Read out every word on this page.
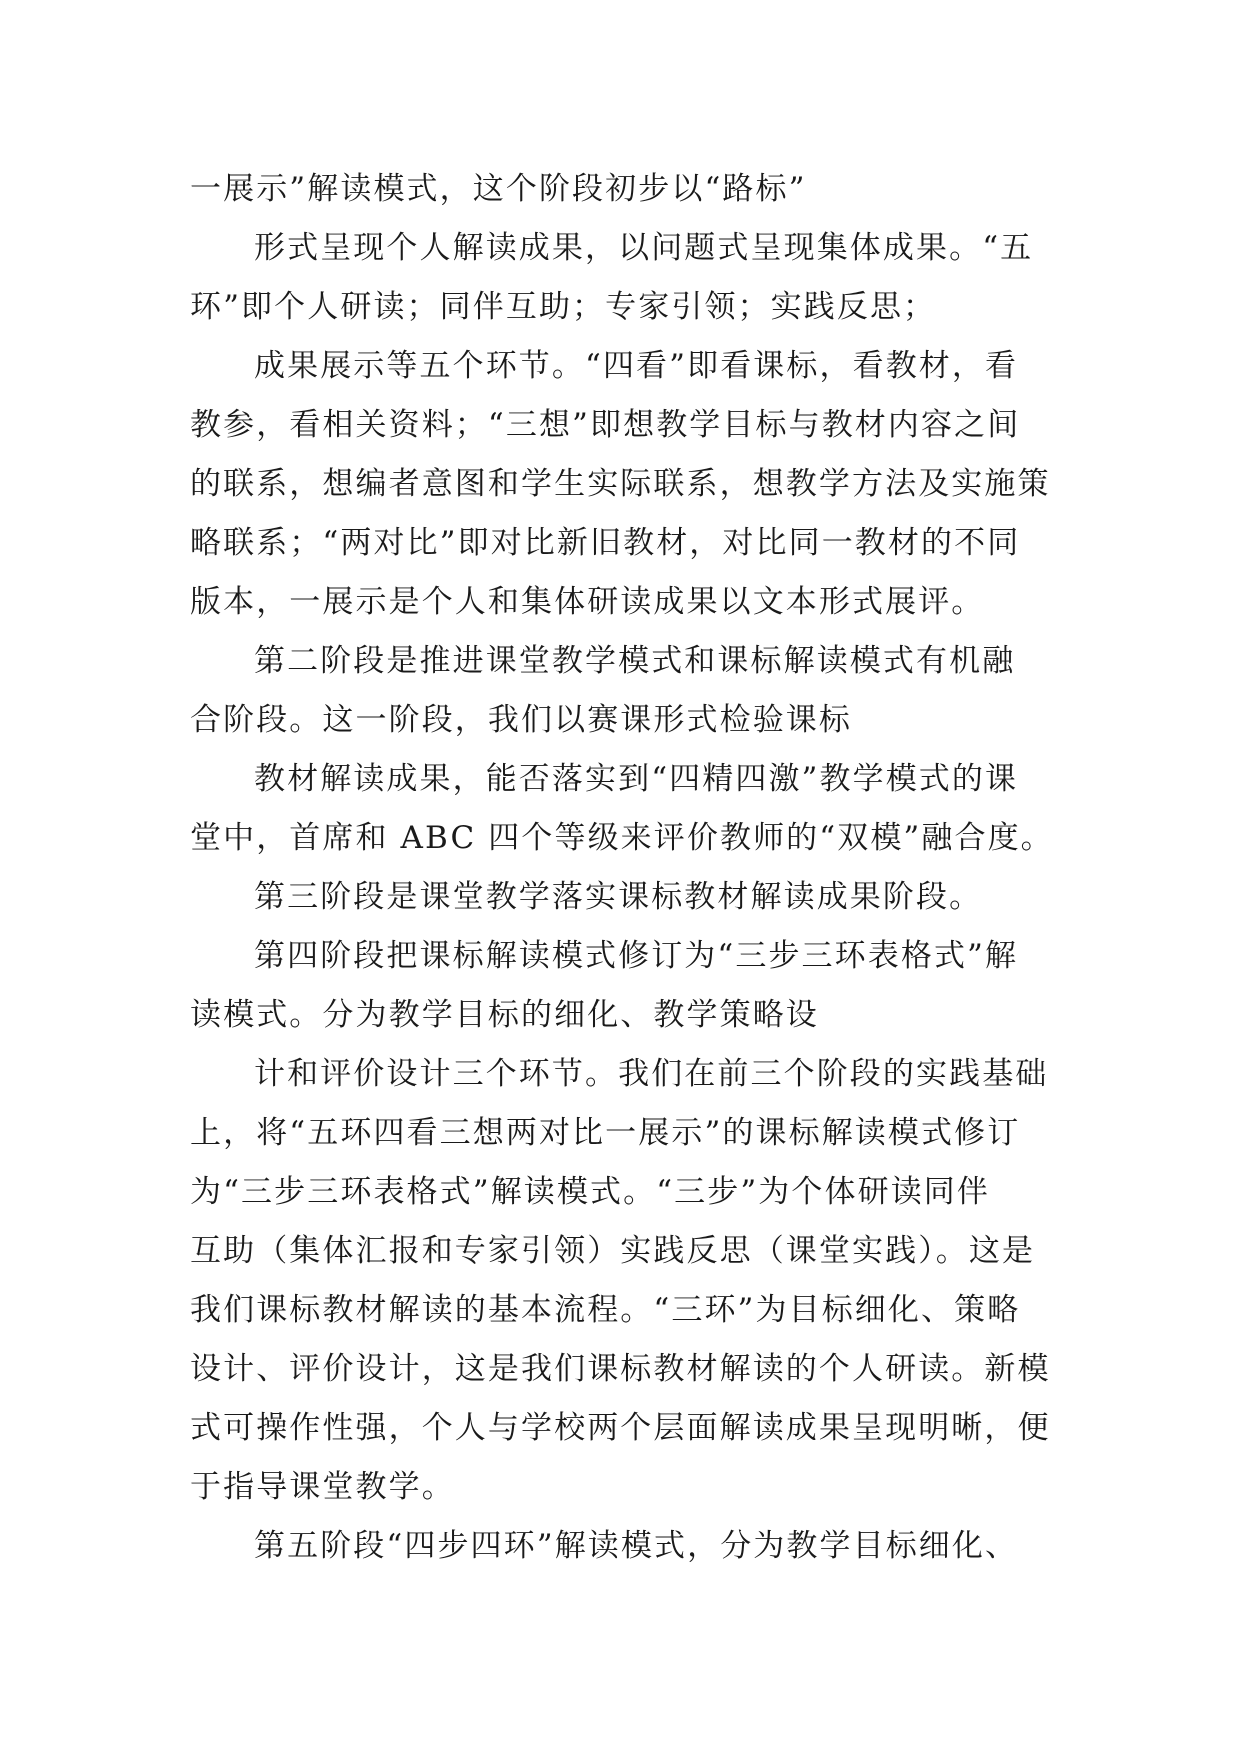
一展示”解读模式，这个阶段初步以“路标”
形式呈现个人解读成果，以问题式呈现集体成果。“五
环”即个人研读；同伴互助；专家引领；实践反思；
成果展示等五个环节。“四看”即看课标，看教材，看
教参，看相关资料；“三想”即想教学目标与教材内容之间
的联系，想编者意图和学生实际联系，想教学方法及实施策
略联系；“两对比”即对比新旧教材，对比同一教材的不同
版本，一展示是个人和集体研读成果以文本形式展评。
第二阶段是推进课堂教学模式和课标解读模式有机融
合阶段。这一阶段，我们以赛课形式检验课标
教材解读成果，能否落实到“四精四激”教学模式的课
堂中，首席和 ABC 四个等级来评价教师的“双模”融合度。
第三阶段是课堂教学落实课标教材解读成果阶段。
第四阶段把课标解读模式修订为“三步三环表格式”解
读模式。分为教学目标的细化、教学策略设
计和评价设计三个环节。我们在前三个阶段的实践基础
上，将“五环四看三想两对比一展示”的课标解读模式修订
为“三步三环表格式”解读模式。“三步”为个体研读同伴
互助（集体汇报和专家引领）实践反思（课堂实践）。这是
我们课标教材解读的基本流程。“三环”为目标细化、策略
设计、评价设计，这是我们课标教材解读的个人研读。新模
式可操作性强，个人与学校两个层面解读成果呈现明晰，便
于指导课堂教学。
第五阶段“四步四环”解读模式，分为教学目标细化、
